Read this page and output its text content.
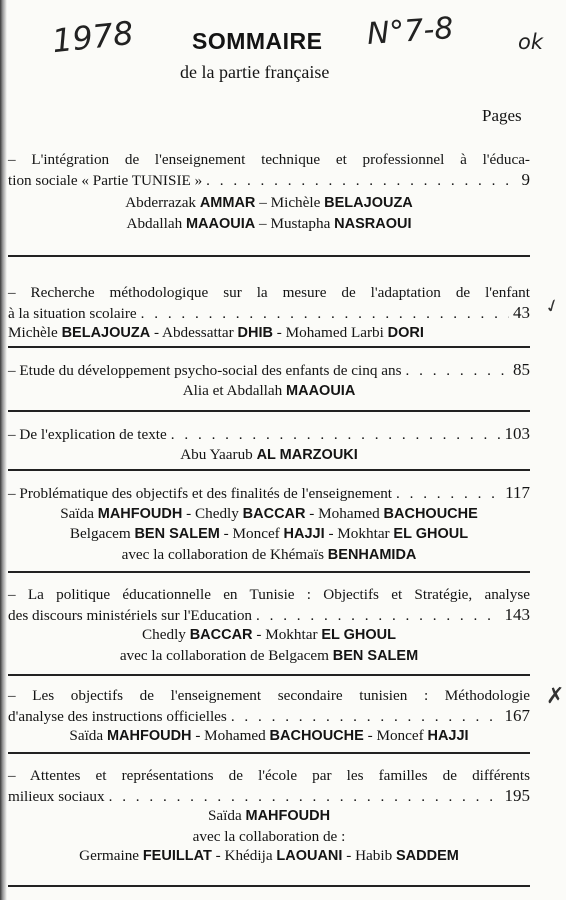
1978	N°7-8	ok
SOMMAIRE
de la partie française
Pages
– L'intégration de l'enseignement technique et professionnel à l'éduca-
tion sociale « Partie TUNISIE » . . .	9
Abderrazak AMMAR – Michèle BELAJOUZA
Abdallah MAAOUIA – Mustapha NASRAOUI
– Recherche méthodologique sur la mesure de l'adaptation de l'enfant
à la situation scolaire . . .	43
Michèle BELAJOUZA - Abdessattar DHIB - Mohamed Larbi DORI
– Etude du développement psycho-social des enfants de cinq ans . . .	85
Alia et Abdallah MAAOUIA
– De l'explication de texte . . .	103
Abu Yaarub AL MARZOUKI
– Problématique des objectifs et des finalités de l'enseignement . . .	117
Saïda MAHFOUDH - Chedly BACCAR - Mohamed BACHOUCHE
Belgacem BEN SALEM - Moncef HAJJI - Mokhtar EL GHOUL
avec la collaboration de Khémaïs BENHAMIDA
– La politique éducationnelle en Tunisie : Objectifs et Stratégie, analyse
des discours ministériels sur l'Education . . .	143
Chedly BACCAR - Mokhtar EL GHOUL
avec la collaboration de Belgacem BEN SALEM
– Les objectifs de l'enseignement secondaire tunisien : Méthodologie
d'analyse des instructions officielles . . .	167
Saïda MAHFOUDH - Mohamed BACHOUCHE - Moncef HAJJI
– Attentes et représentations de l'école par les familles de différents
milieux sociaux . . .	195
Saïda MAHFOUDH
avec la collaboration de :
Germaine FEUILLAT - Khédija LAOUANI - Habib SADDEM
✓
✗
